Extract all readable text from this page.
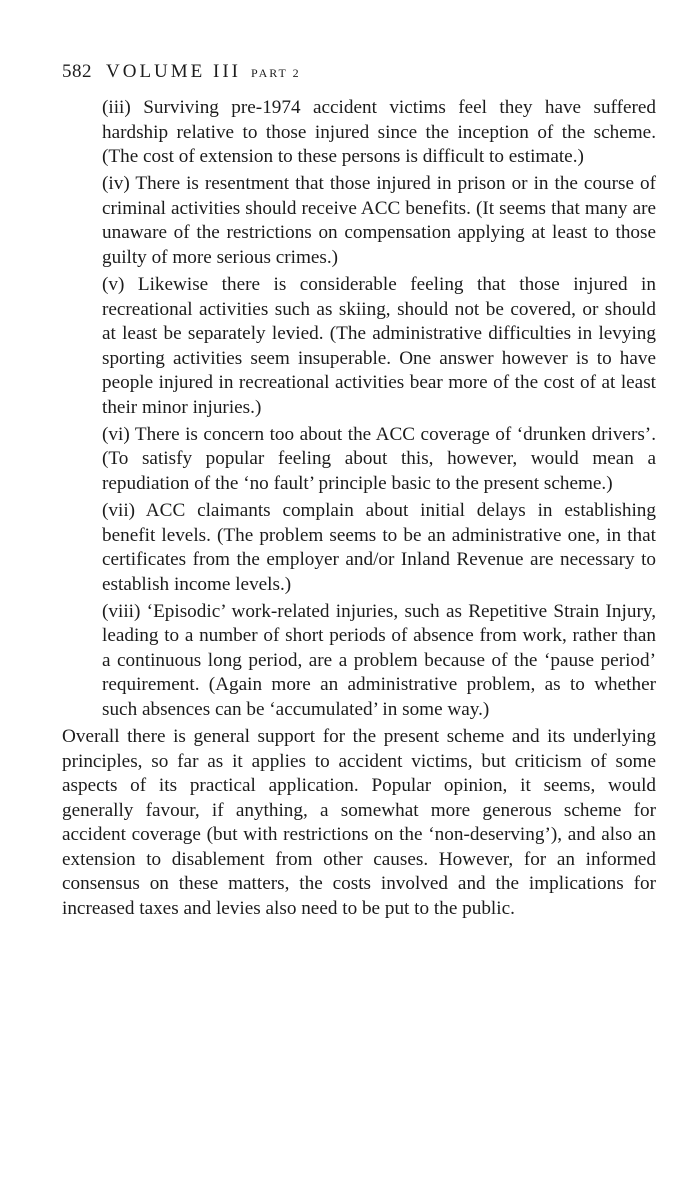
582 VOLUME III PART 2

(iii) Surviving pre-1974 accident victims feel they have suffered hardship relative to those injured since the inception of the scheme. (The cost of extension to these persons is difficult to estimate.)

(iv) There is resentment that those injured in prison or in the course of criminal activities should receive ACC benefits. (It seems that many are unaware of the restrictions on compensation applying at least to those guilty of more serious crimes.)

(v) Likewise there is considerable feeling that those injured in recreational activities such as skiing, should not be covered, or should at least be separately levied. (The administrative difficulties in levying sporting activities seem insuperable. One answer however is to have people injured in recreational activities bear more of the cost of at least their minor injuries.)

(vi) There is concern too about the ACC coverage of ‘drunken drivers’. (To satisfy popular feeling about this, however, would mean a repudiation of the ‘no fault’ principle basic to the present scheme.)

(vii) ACC claimants complain about initial delays in establishing benefit levels. (The problem seems to be an administrative one, in that certificates from the employer and/or Inland Revenue are necessary to establish income levels.)

(viii) ‘Episodic’ work-related injuries, such as Repetitive Strain Injury, leading to a number of short periods of absence from work, rather than a continuous long period, are a problem because of the ‘pause period’ requirement. (Again more an administrative problem, as to whether such absences can be ‘accumulated’ in some way.)

Overall there is general support for the present scheme and its underlying principles, so far as it applies to accident victims, but criticism of some aspects of its practical application. Popular opinion, it seems, would generally favour, if anything, a somewhat more generous scheme for accident coverage (but with restrictions on the ‘non-deserving’), and also an extension to disablement from other causes. However, for an informed consensus on these matters, the costs involved and the implications for increased taxes and levies also need to be put to the public.
